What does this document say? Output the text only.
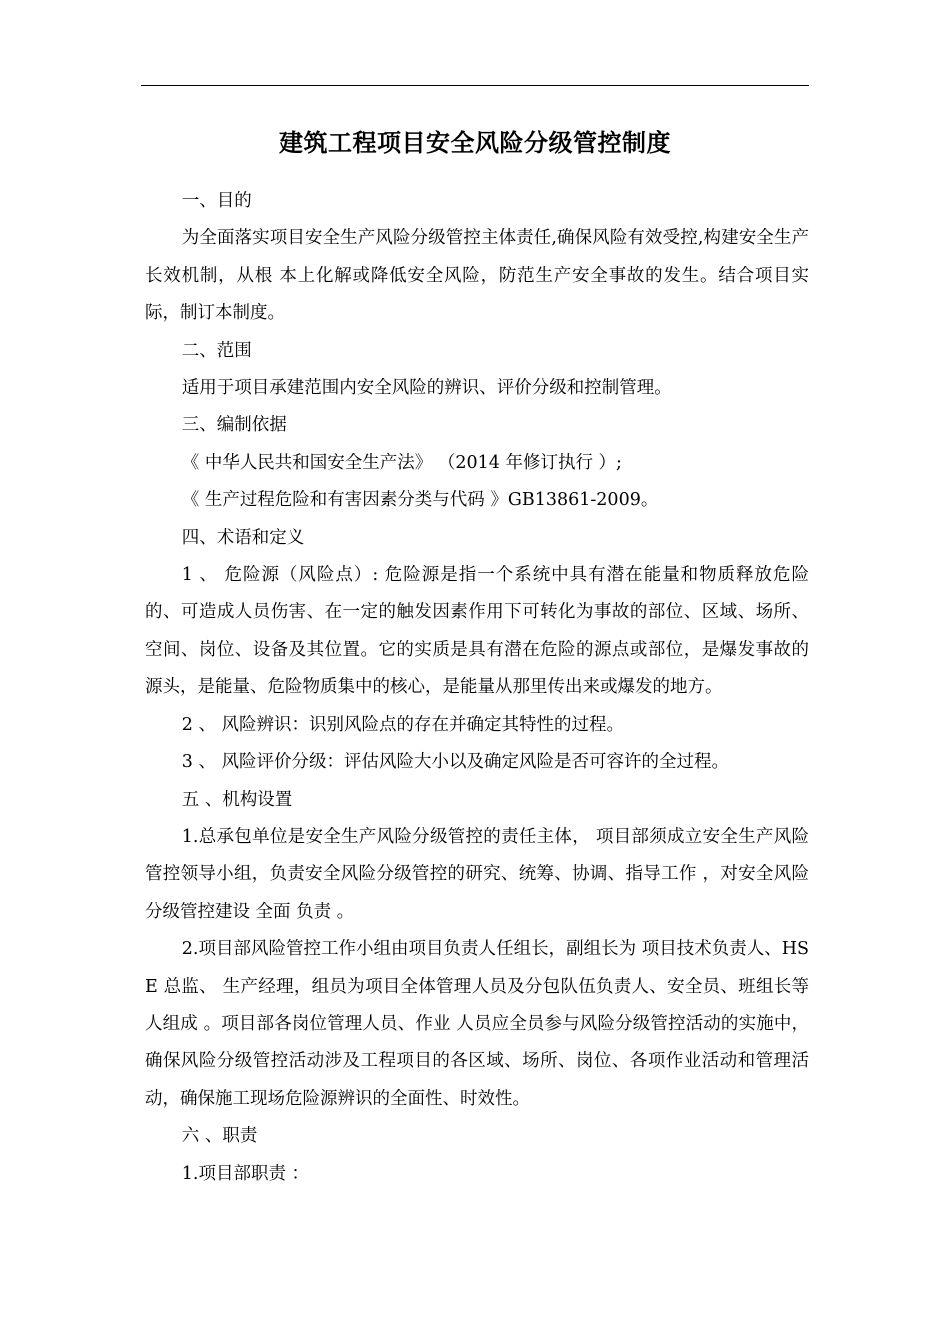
建筑工程项目安全风险分级管控制度

一、目的

为全面落实项目安全生产风险分级管控主体责任,确保风险有效受控,构建安全生产长效机制，从根 本上化解或降低安全风险，防范生产安全事故的发生。结合项目实际，制订本制度。

二、范围

适用于项目承建范围内安全风险的辨识、评价分级和控制管理。

三、编制依据

《 中华人民共和国安全生产法》 （2014 年修订执行 ）;

《 生产过程危险和有害因素分类与代码 》GB13861-2009。

四、术语和定义

1 、 危险源（风险点）: 危险源是指一个系统中具有潜在能量和物质释放危险的、可造成人员伤害、在一定的触发因素作用下可转化为事故的部位、区域、场所、空间、岗位、设备及其位置。它的实质是具有潜在危险的源点或部位，是爆发事故的源头，是能量、危险物质集中的核心，是能量从那里传出来或爆发的地方。

2 、 风险辨识：识别风险点的存在并确定其特性的过程。

3 、 风险评价分级：评估风险大小以及确定风险是否可容许的全过程。

五 、机构设置

1.总承包单位是安全生产风险分级管控的责任主体， 项目部须成立安全生产风险管控领导小组，负责安全风险分级管控的研究、统筹、协调、指导工作 ，对安全风险分级管控建设 全面 负责 。

2.项目部风险管控工作小组由项目负责人任组长，副组长为 项目技术负责人、HSE 总监、 生产经理，组员为项目全体管理人员及分包队伍负责人、安全员、班组长等人组成 。项目部各岗位管理人员、作业 人员应全员参与风险分级管控活动的实施中，确保风险分级管控活动涉及工程项目的各区域、场所、岗位、各项作业活动和管理活动，确保施工现场危险源辨识的全面性、时效性。

六 、职责

1.项目部职责 ：
